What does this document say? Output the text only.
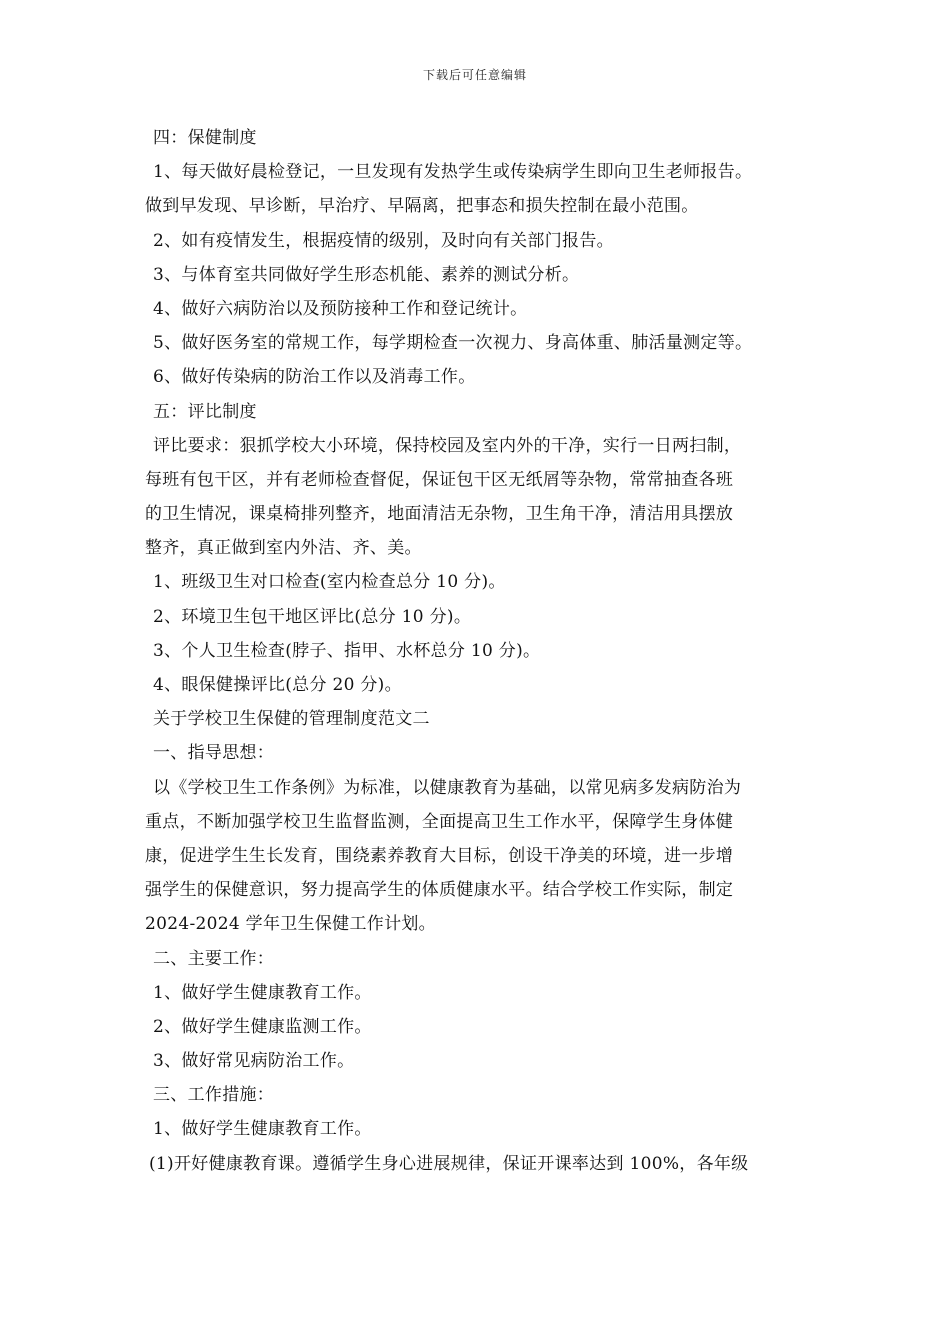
下载后可任意编辑
四：保健制度
1、每天做好晨检登记，一旦发现有发热学生或传染病学生即向卫生老师报告。
做到早发现、早诊断，早治疗、早隔离，把事态和损失控制在最小范围。
2、如有疫情发生，根据疫情的级别，及时向有关部门报告。
3、与体育室共同做好学生形态机能、素养的测试分析。
4、做好六病防治以及预防接种工作和登记统计。
5、做好医务室的常规工作，每学期检查一次视力、身高体重、肺活量测定等。
6、做好传染病的防治工作以及消毒工作。
五：评比制度
评比要求：狠抓学校大小环境，保持校园及室内外的干净，实行一日两扫制，
每班有包干区，并有老师检查督促，保证包干区无纸屑等杂物，常常抽查各班
的卫生情况，课桌椅排列整齐，地面清洁无杂物，卫生角干净，清洁用具摆放
整齐，真正做到室内外洁、齐、美。
1、班级卫生对口检查(室内检查总分 10 分)。
2、环境卫生包干地区评比(总分 10 分)。
3、个人卫生检查(脖子、指甲、水杯总分 10 分)。
4、眼保健操评比(总分 20 分)。
关于学校卫生保健的管理制度范文二
一、指导思想：
以《学校卫生工作条例》为标准，以健康教育为基础，以常见病多发病防治为
重点，不断加强学校卫生监督监测，全面提高卫生工作水平，保障学生身体健
康，促进学生生长发育，围绕素养教育大目标，创设干净美的环境，进一步增
强学生的保健意识，努力提高学生的体质健康水平。结合学校工作实际，制定
2024-2024 学年卫生保健工作计划。
二、主要工作：
1、做好学生健康教育工作。
2、做好学生健康监测工作。
3、做好常见病防治工作。
三、工作措施：
1、做好学生健康教育工作。
(1)开好健康教育课。遵循学生身心进展规律，保证开课率达到 100%，各年级
